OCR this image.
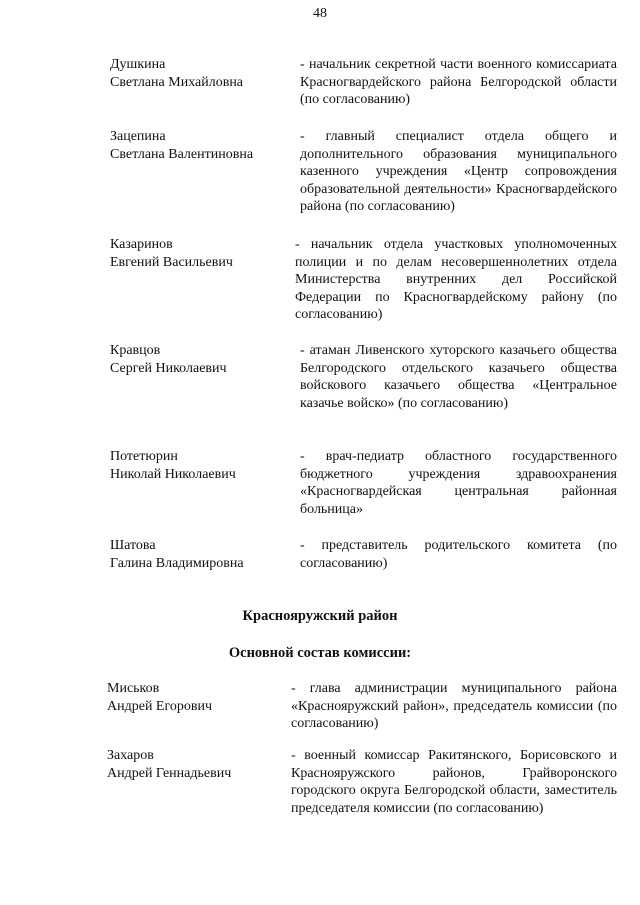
48
Душкина
Светлана Михайловна
- начальник секретной части военного комиссариата Красногвардейского района Белгородской области (по согласованию)
Зацепина
Светлана Валентиновна
- главный специалист отдела общего и дополнительного образования муниципального казенного учреждения «Центр сопровождения образовательной деятельности» Красногвардейского района (по согласованию)
Казаринов
Евгений Васильевич
- начальник отдела участковых уполномоченных полиции и по делам несовершеннолетних отдела Министерства внутренних дел Российской Федерации по Красногвардейскому району (по согласованию)
Кравцов
Сергей Николаевич
- атаман Ливенского хуторского казачьего общества Белгородского отдельского казачьего общества войскового казачьего общества «Центральное казачье войско» (по согласованию)
Потетюрин
Николай Николаевич
- врач-педиатр областного государственного бюджетного учреждения здравоохранения «Красногвардейская центральная районная больница»
Шатова
Галина Владимировна
- представитель родительского комитета (по согласованию)
Краснояружский район
Основной состав комиссии:
Миськов
Андрей Егорович
- глава администрации муниципального района «Краснояружский район», председатель комиссии (по согласованию)
Захаров
Андрей Геннадьевич
- военный комиссар Ракитянского, Борисовского и Краснояружского районов, Грайворонского городского округа Белгородской области, заместитель председателя комиссии (по согласованию)
